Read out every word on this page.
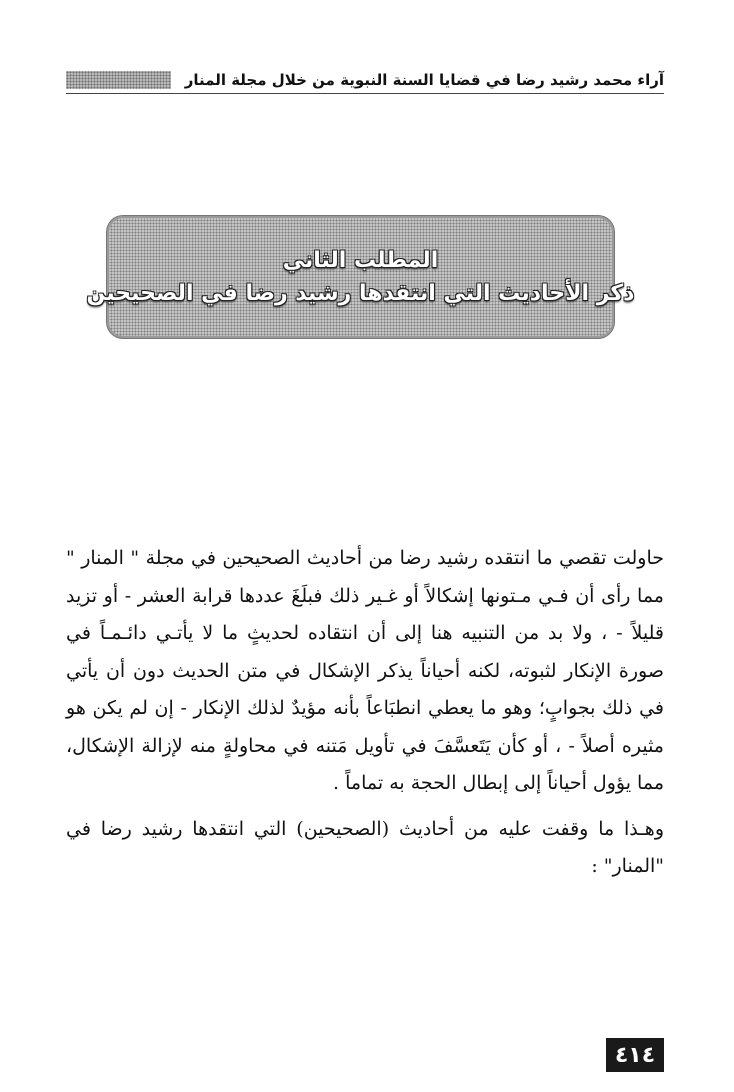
آراء محمد رشيد رضا في قضايا السنة النبوية من خلال مجلة المنار
المطلب الثاني
ذكر الأحاديث التي انتقدها رشيد رضا في الصحيحين

حاولت تقصي ما انتقده رشيد رضا من أحاديث الصحيحين في مجلة " المنار " مما رأى أن فـي مـتونها إشكالاً أو غـير ذلك فبلَغَ عددها قرابة العشر - أو تزيد قليلاً - ، ولا بد من التنبيه هنا إلى أن انتقاده لحديثٍ ما لا يأتـي دائـمـاً في صورة الإنكار لثبوته، لكنه أحياناً يذكر الإشكال في متن الحديث دون أن يأتي في ذلك بجوابٍ؛ وهو ما يعطي انطبَاعاً بأنه مؤيدٌ لذلك الإنكار - إن لم يكن هو مثيره أصلاً - ، أو كأن يَتَعسَّفَ في تأويل مَتنه في محاولةٍ منه لإزالة الإشكال، مما يؤول أحياناً إلى إبطال الحجة به تماماً .

وهـذا ما وقفت عليه من أحاديث (الصحيحين) التي انتقدها رشيد رضا في "المنار" :

٤١٤
